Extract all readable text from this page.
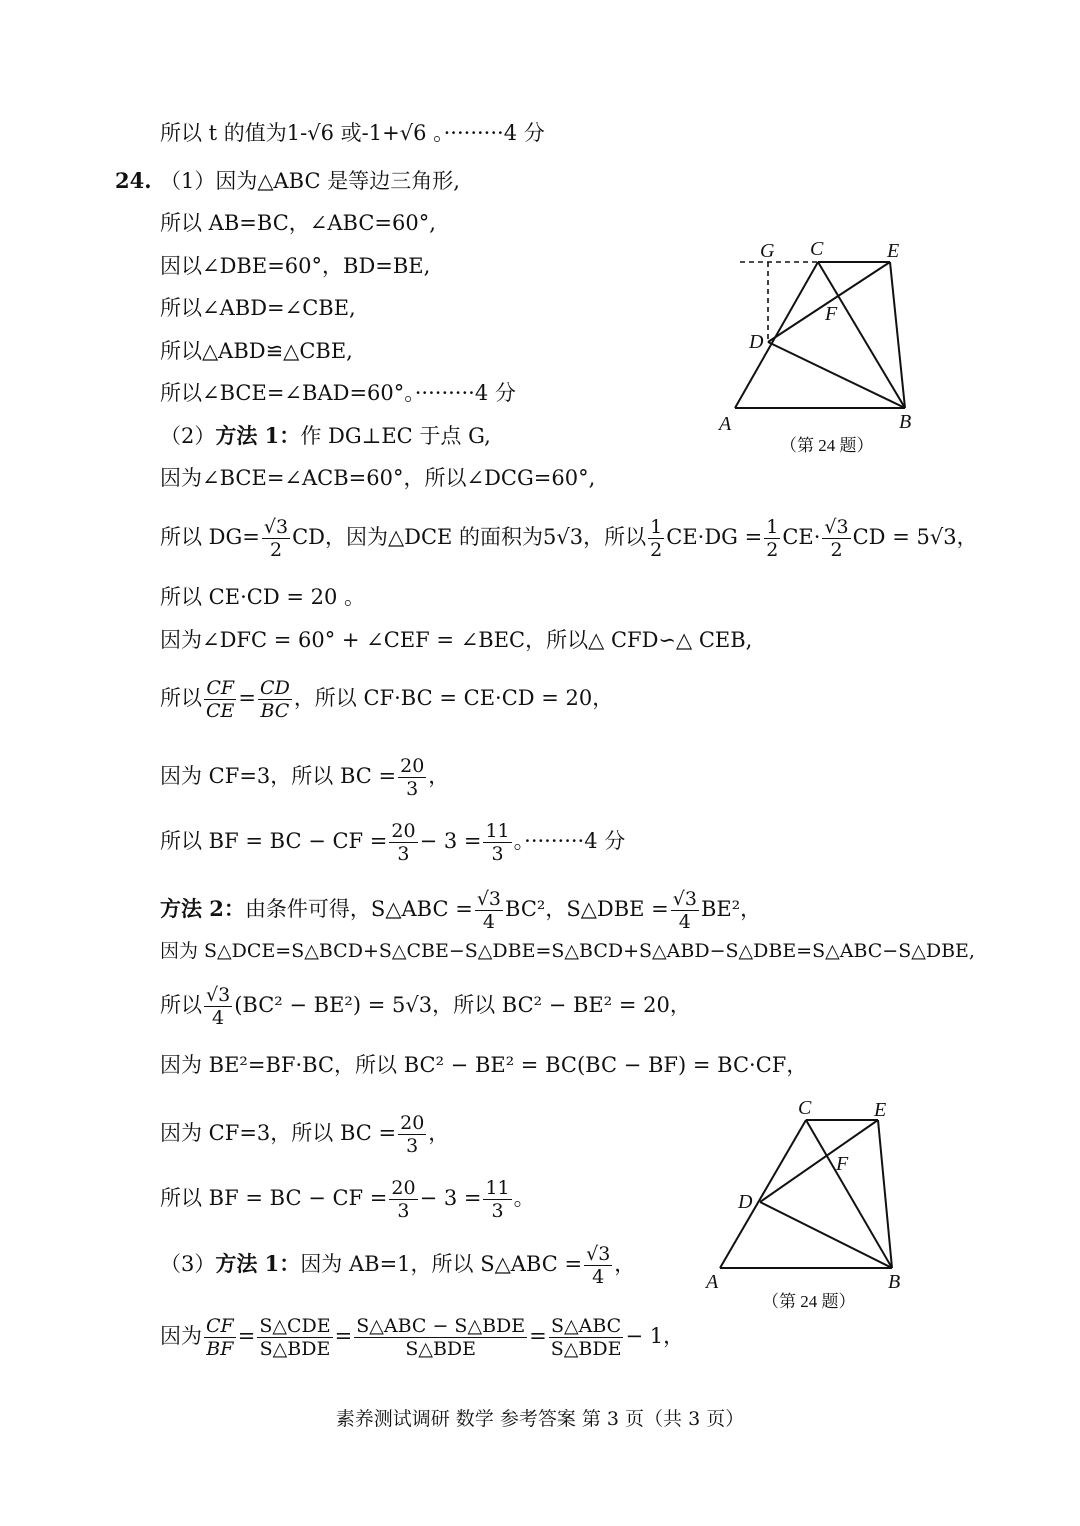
所以 t 的值为1-√6 或-1+√6 。·········4 分
24. （1）因为△ABC 是等边三角形,
所以 AB=BC，∠ABC=60°,
因以∠DBE=60°，BD=BE,
所以∠ABD=∠CBE,
所以△ABD≌△CBE,
所以∠BCE=∠BAD=60°。·········4 分
（2）方法 1：作 DG⊥EC 于点 G,
因为∠BCE=∠ACB=60°，所以∠DCG=60°,
所以 $DG= \frac{√3}{2}$ CD，因为△DCE 的面积为5√3，所以 $\frac{1}{2} CE\cdot DG = \frac{1}{2} CE\cdot \frac{√3}{2}$ CD = 5√3，
所以 CE·CD = 20 。
因为∠DFC = 60° + ∠CEF = ∠BEC，所以△ CFD∽△ CEB,
所以 $\frac{CF}{CE} = \frac{CD}{BC}$ ，所以 CF·BC = CE·CD = 20，
因为 CF=3，所以 BC = $\frac{20}{3}$ ，
所以 BF = BC − CF = $\frac{20}{3} - 3 = \frac{11}{3}$ 。·········4 分
方法 2：由条件可得，S△ABC = $\frac{√3}{4} BC^2$，S△DBE = $\frac{√3}{4} BE^2$，
因为 S△DCE=S△BCD+S△CBE−S△DBE=S△BCD+S△ABD−S△DBE=S△ABC−S△DBE,
所以 $\frac{√3}{4} (BC^2 - BE^2) = 5√3$，所以 BC² − BE² = 20，
因为 BE²=BF·BC，所以 BC² − BE² = BC(BC − BF) = BC·CF，
因为 CF=3，所以 BC = $\frac{20}{3}$ ，
所以 BF = BC − CF = $\frac{20}{3} - 3 = \frac{11}{3}$ 。
（3）方法 1：因为 AB=1，所以 S△ABC = $\frac{√3}{4}$ ，
因为 $\frac{CF}{BF} = \frac{\text{S△CDE}}{\text{S△BDE}} = \frac{\text{S△ABC − S△BDE}}{\text{S△BDE}} = \frac{\text{S△ABC}}{\text{S△BDE}} - 1$，
G C	E
F
D
A	B
（第 24 题）
C	E
F
D
A	B
（第 24 题）
素养测试调研 数学 参考答案 第 3 页（共 3 页）
